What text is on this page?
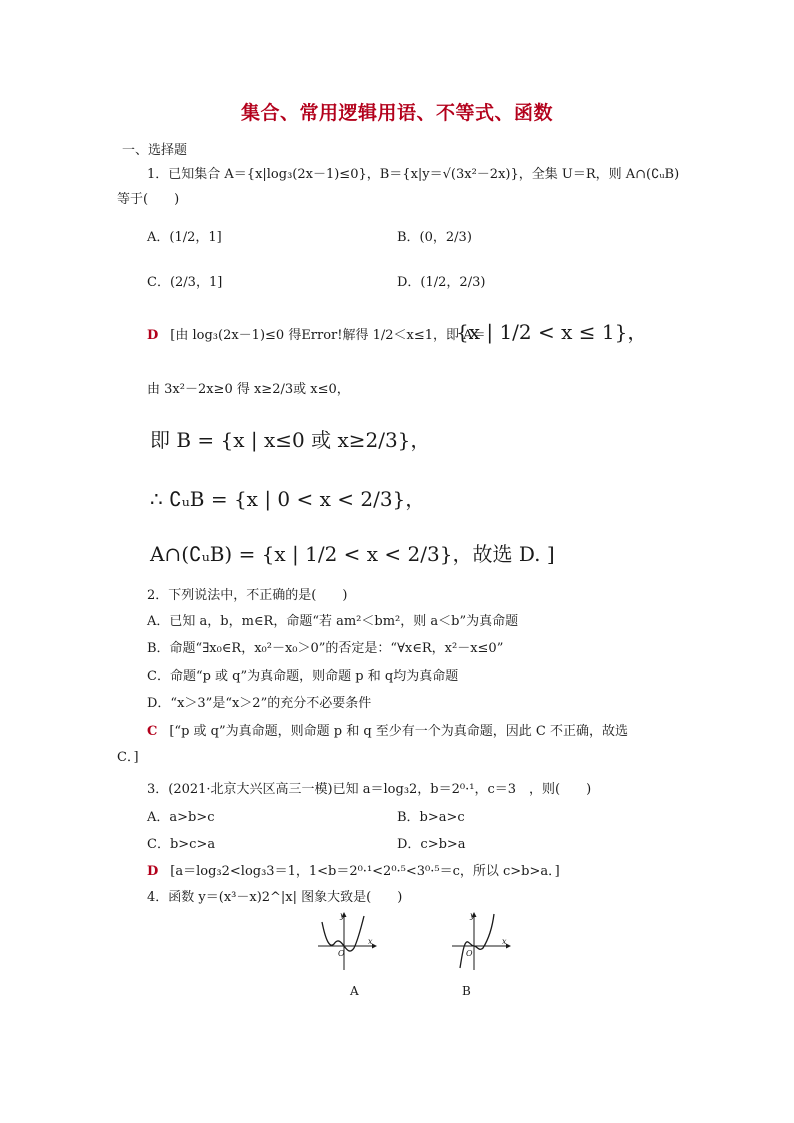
集合、常用逻辑用语、不等式、函数
一、选择题
1．已知集合 A＝{x|log₃(2x－1)≤0}，B＝{x|y＝√(3x²－2x)}，全集 U＝R，则 A∩(∁ᵤB)
等于(　　)
A．(1/2，1]	B．(0，2/3)
C．(2/3，1]	D．(1/2，2/3)
D [由 log₃(2x－1)≤0 得Error!解得 1/2＜x≤1，即 A＝
{x | 1/2 < x ≤ 1}，
由 3x²－2x≥0 得 x≥2/3或 x≤0，
即 B = {x | x≤0 或 x≥2/3}，
∴ ∁ᵤB = {x | 0 < x < 2/3}，
A∩(∁ᵤB) = {x | 1/2 < x < 2/3}，故选 D. ]
2．下列说法中，不正确的是(　　)
A．已知 a，b，m∈R，命题“若 am²＜bm²，则 a＜b”为真命题
B．命题“∃x₀∈R，x₀²－x₀＞0”的否定是：“∀x∈R，x²－x≤0”
C．命题“p 或 q”为真命题，则命题 p 和 q均为真命题
D．“x＞3”是“x＞2”的充分不必要条件
C [“p 或 q”为真命题，则命题 p 和 q 至少有一个为真命题，因此 C 不正确，故选
C．]
3．(2021·北京大兴区高三一模)已知 a＝log₃2，b＝2⁰·¹，c＝3　，则(　　)
A．a>b>c	B．b>a>c
C．b>c>a	D．c>b>a
D [a＝log₃2<log₃3＝1，1<b＝2⁰·¹<2⁰·⁵<3⁰·⁵＝c，所以 c>b>a．]
4．函数 y＝(x³－x)2^|x| 图象大致是(　　)
y
x
O
A
y
x
O
B
